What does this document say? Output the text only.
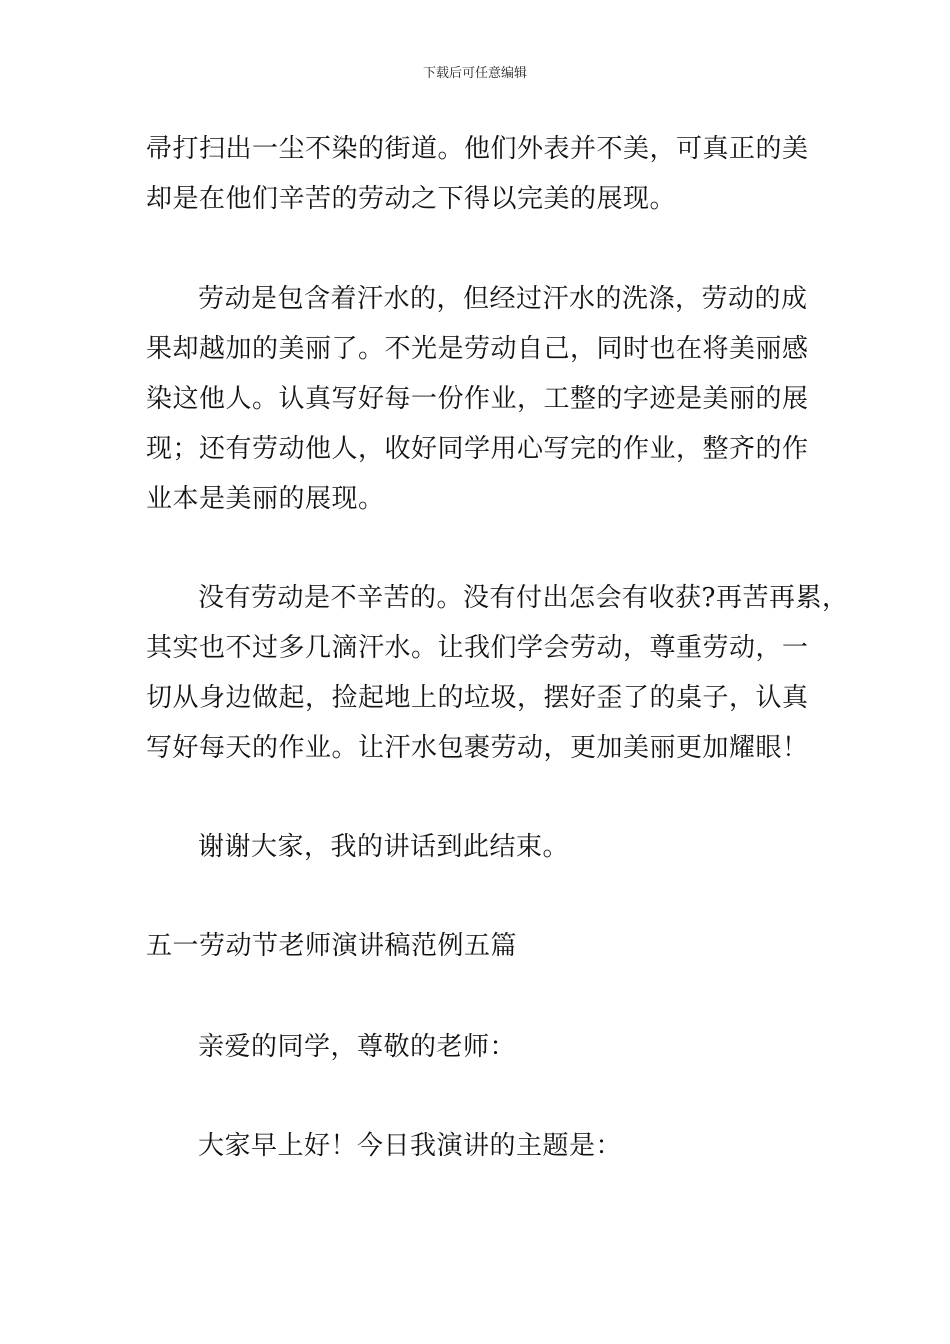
下载后可任意编辑

帚打扫出一尘不染的街道。他们外表并不美，可真正的美
却是在他们辛苦的劳动之下得以完美的展现。

劳动是包含着汗水的，但经过汗水的洗涤，劳动的成
果却越加的美丽了。不光是劳动自己，同时也在将美丽感
染这他人。认真写好每一份作业，工整的字迹是美丽的展
现；还有劳动他人，收好同学用心写完的作业，整齐的作
业本是美丽的展现。

没有劳动是不辛苦的。没有付出怎会有收获?再苦再累，
其实也不过多几滴汗水。让我们学会劳动，尊重劳动，一
切从身边做起，捡起地上的垃圾，摆好歪了的桌子，认真
写好每天的作业。让汗水包裹劳动，更加美丽更加耀眼！

谢谢大家，我的讲话到此结束。

五一劳动节老师演讲稿范例五篇

亲爱的同学，尊敬的老师：

大家早上好！今日我演讲的主题是：
